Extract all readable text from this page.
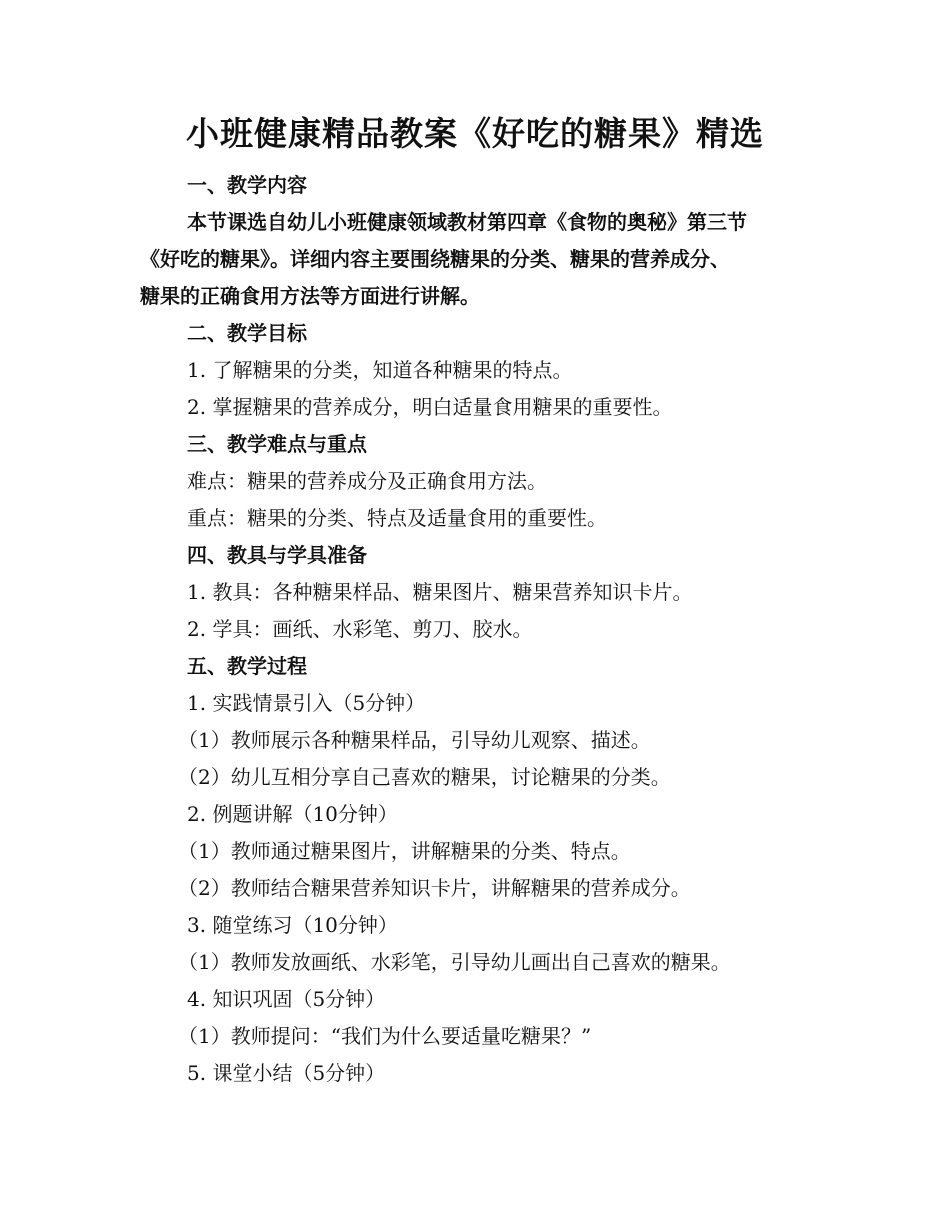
小班健康精品教案《好吃的糖果》精选
一、教学内容
本节课选自幼儿小班健康领域教材第四章《食物的奥秘》第三节
《好吃的糖果》。详细内容主要围绕糖果的分类、糖果的营养成分、
糖果的正确食用方法等方面进行讲解。
二、教学目标
1. 了解糖果的分类，知道各种糖果的特点。
2. 掌握糖果的营养成分，明白适量食用糖果的重要性。
三、教学难点与重点
难点：糖果的营养成分及正确食用方法。
重点：糖果的分类、特点及适量食用的重要性。
四、教具与学具准备
1. 教具：各种糖果样品、糖果图片、糖果营养知识卡片。
2. 学具：画纸、水彩笔、剪刀、胶水。
五、教学过程
1. 实践情景引入（5分钟）
（1）教师展示各种糖果样品，引导幼儿观察、描述。
（2）幼儿互相分享自己喜欢的糖果，讨论糖果的分类。
2. 例题讲解（10分钟）
（1）教师通过糖果图片，讲解糖果的分类、特点。
（2）教师结合糖果营养知识卡片，讲解糖果的营养成分。
3. 随堂练习（10分钟）
（1）教师发放画纸、水彩笔，引导幼儿画出自己喜欢的糖果。
4. 知识巩固（5分钟）
（1）教师提问：“我们为什么要适量吃糖果？”
5. 课堂小结（5分钟）
